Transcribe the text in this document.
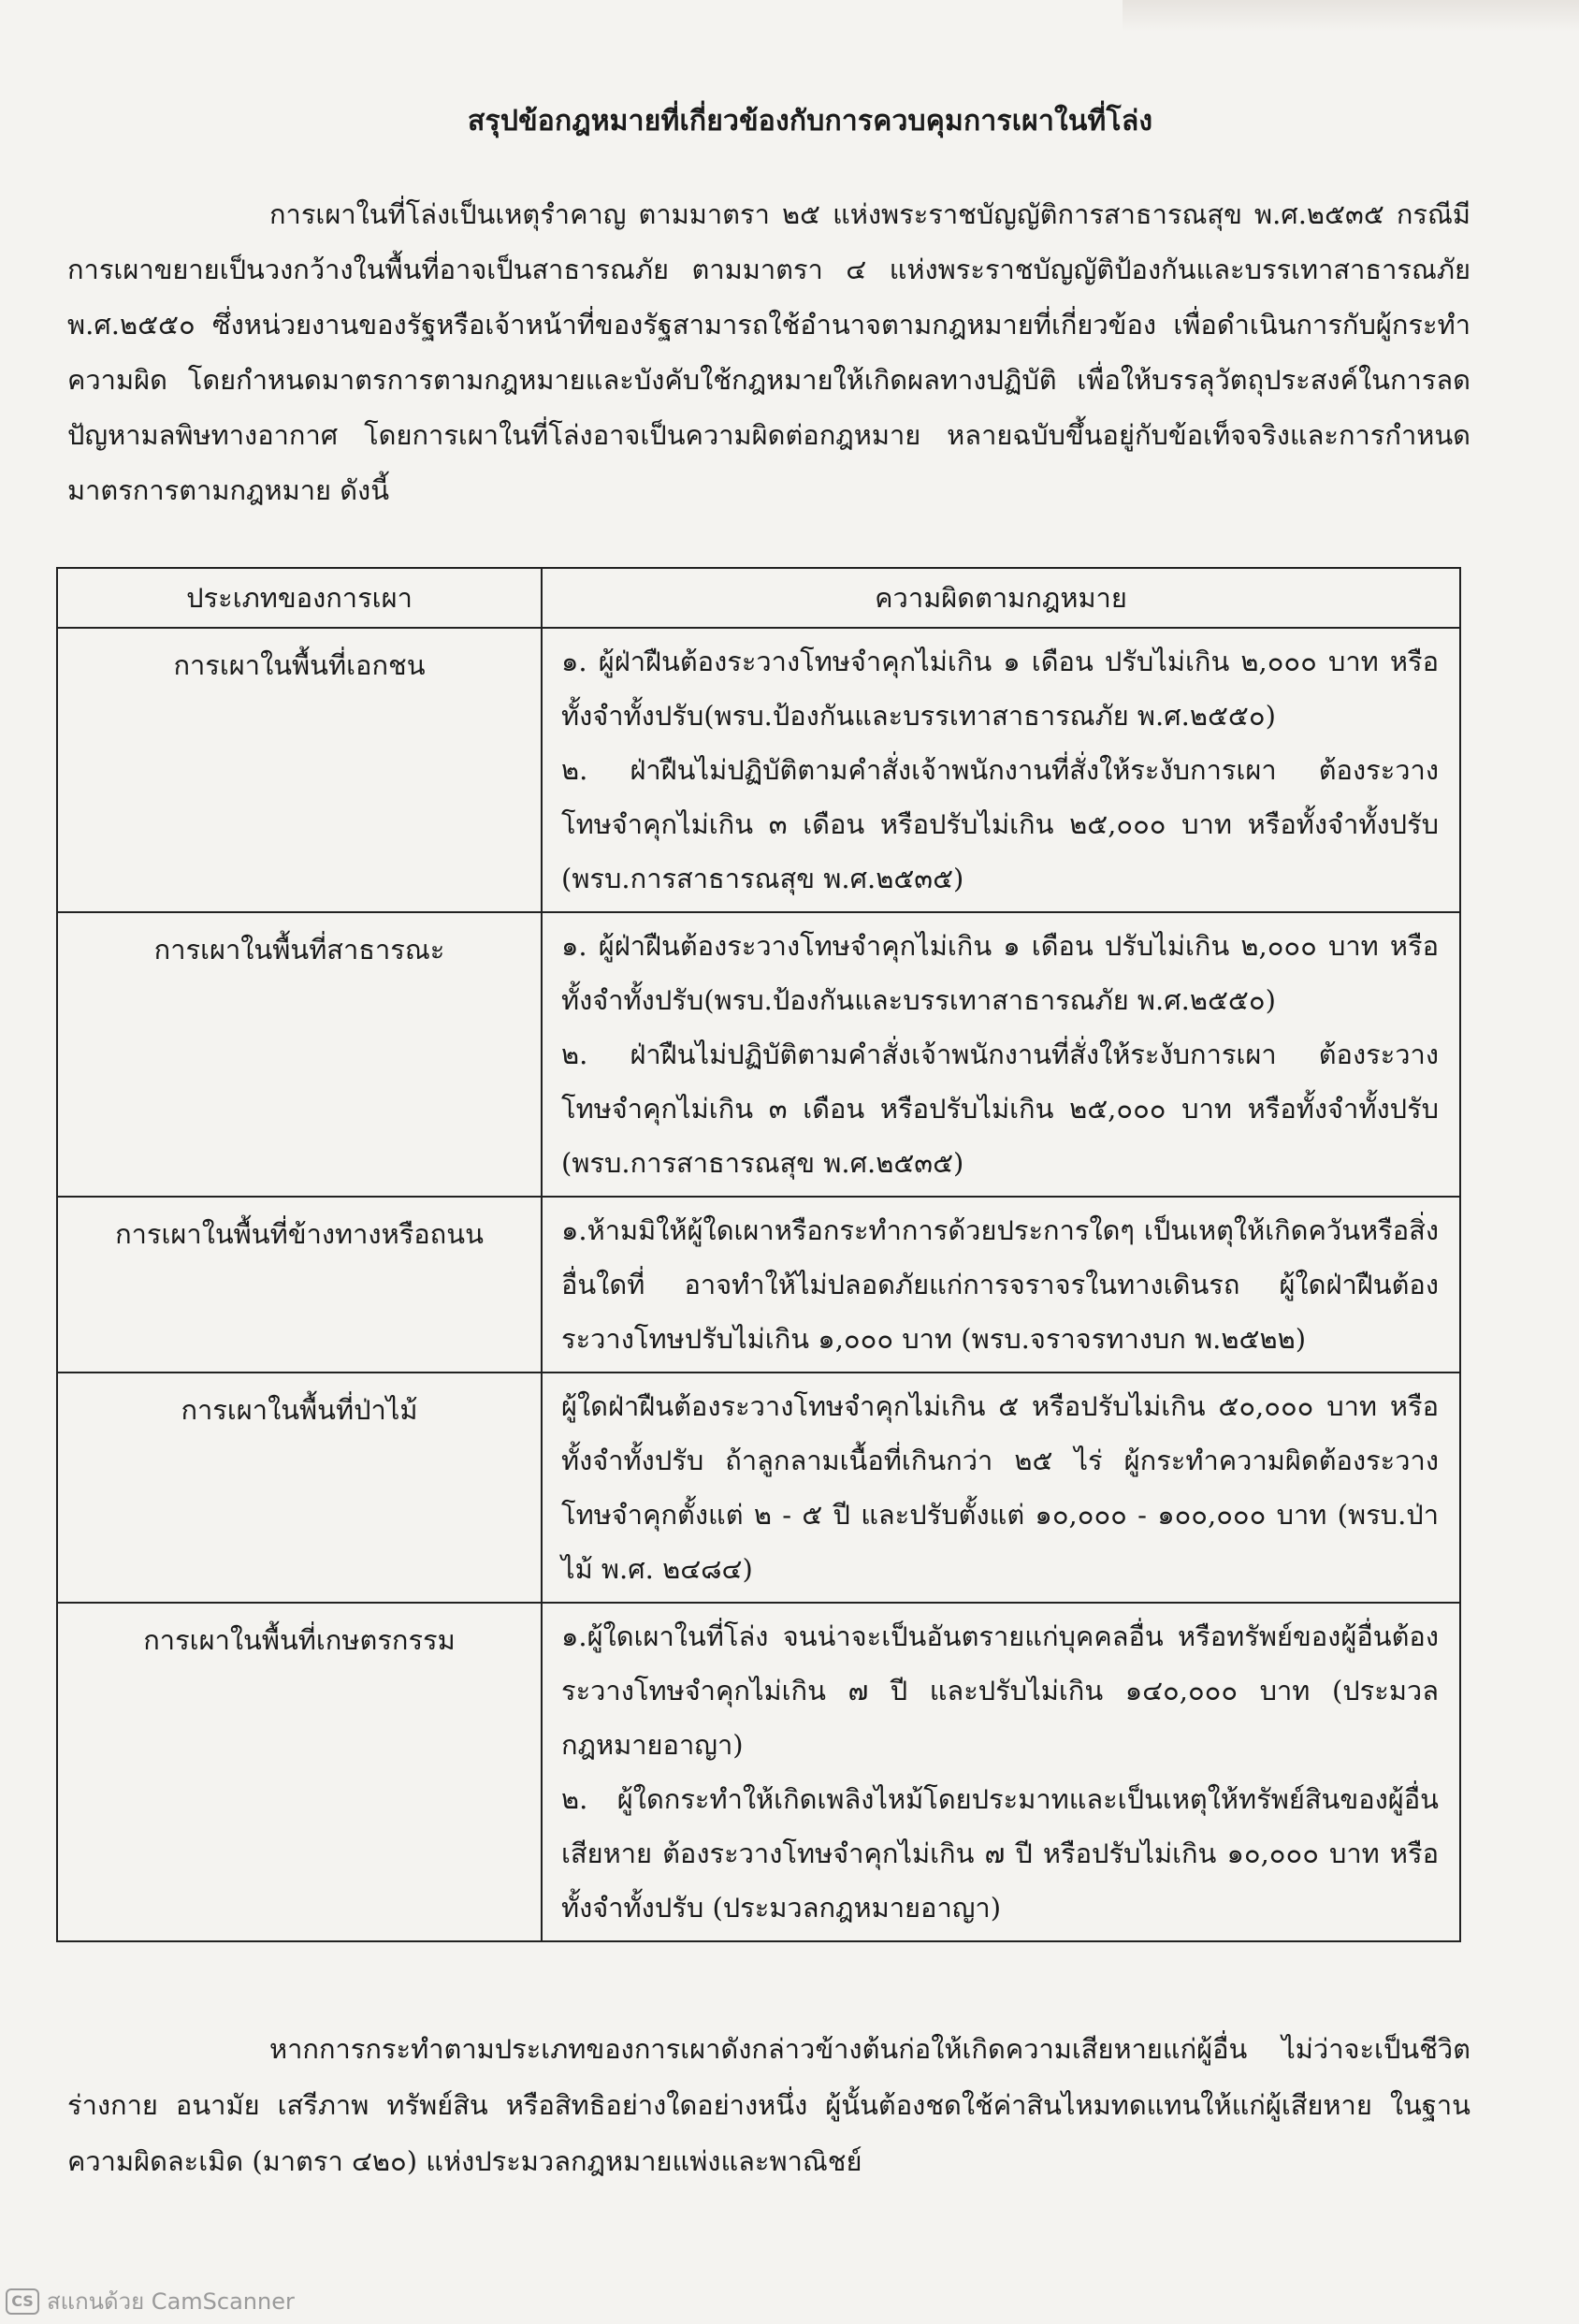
สรุปข้อกฎหมายที่เกี่ยวข้องกับการควบคุมการเผาในที่โล่ง

การเผาในที่โล่งเป็นเหตุรำคาญ ตามมาตรา ๒๕ แห่งพระราชบัญญัติการสาธารณสุข พ.ศ.๒๕๓๕ กรณีมีการเผาขยายเป็นวงกว้างในพื้นที่อาจเป็นสาธารณภัย ตามมาตรา ๔ แห่งพระราชบัญญัติป้องกันและบรรเทาสาธารณภัย พ.ศ.๒๕๕๐ ซึ่งหน่วยงานของรัฐหรือเจ้าหน้าที่ของรัฐสามารถใช้อำนาจตามกฎหมายที่เกี่ยวข้อง เพื่อดำเนินการกับผู้กระทำความผิด โดยกำหนดมาตรการตามกฎหมายและบังคับใช้กฎหมายให้เกิดผลทางปฏิบัติ เพื่อให้บรรลุวัตถุประสงค์ในการลดปัญหามลพิษทางอากาศ โดยการเผาในที่โล่งอาจเป็นความผิดต่อกฎหมาย หลายฉบับขึ้นอยู่กับข้อเท็จจริงและการกำหนดมาตรการตามกฎหมาย ดังนี้

ประเภทของการเผา	ความผิดตามกฎหมาย
การเผาในพื้นที่เอกชน	๑. ผู้ฝ่าฝืนต้องระวางโทษจำคุกไม่เกิน ๑ เดือน ปรับไม่เกิน ๒,๐๐๐ บาท หรือทั้งจำทั้งปรับ(พรบ.ป้องกันและบรรเทาสาธารณภัย พ.ศ.๒๕๕๐)
๒. ฝ่าฝืนไม่ปฏิบัติตามคำสั่งเจ้าพนักงานที่สั่งให้ระงับการเผา ต้องระวางโทษจำคุกไม่เกิน ๓ เดือน หรือปรับไม่เกิน ๒๕,๐๐๐ บาท หรือทั้งจำทั้งปรับ (พรบ.การสาธารณสุข พ.ศ.๒๕๓๕)

การเผาในพื้นที่สาธารณะ	๑. ผู้ฝ่าฝืนต้องระวางโทษจำคุกไม่เกิน ๑ เดือน ปรับไม่เกิน ๒,๐๐๐ บาท หรือทั้งจำทั้งปรับ(พรบ.ป้องกันและบรรเทาสาธารณภัย พ.ศ.๒๕๕๐)
๒. ฝ่าฝืนไม่ปฏิบัติตามคำสั่งเจ้าพนักงานที่สั่งให้ระงับการเผา ต้องระวางโทษจำคุกไม่เกิน ๓ เดือน หรือปรับไม่เกิน ๒๕,๐๐๐ บาท หรือทั้งจำทั้งปรับ (พรบ.การสาธารณสุข พ.ศ.๒๕๓๕)

การเผาในพื้นที่ข้างทางหรือถนน	๑.ห้ามมิให้ผู้ใดเผาหรือกระทำการด้วยประการใดๆ เป็นเหตุให้เกิดควันหรือสิ่งอื่นใดที่ อาจทำให้ไม่ปลอดภัยแก่การจราจรในทางเดินรถ ผู้ใดฝ่าฝืนต้องระวางโทษปรับไม่เกิน ๑,๐๐๐ บาท (พรบ.จราจรทางบก พ.๒๕๒๒)

การเผาในพื้นที่ป่าไม้	ผู้ใดฝ่าฝืนต้องระวางโทษจำคุกไม่เกิน ๕ หรือปรับไม่เกิน ๕๐,๐๐๐ บาท หรือทั้งจำทั้งปรับ ถ้าลูกลามเนื้อที่เกินกว่า ๒๕ ไร่ ผู้กระทำความผิดต้องระวางโทษจำคุกตั้งแต่ ๒ - ๕ ปี และปรับตั้งแต่ ๑๐,๐๐๐ - ๑๐๐,๐๐๐ บาท (พรบ.ป่าไม้ พ.ศ. ๒๔๘๔)

การเผาในพื้นที่เกษตรกรรม	๑.ผู้ใดเผาในที่โล่ง จนน่าจะเป็นอันตรายแก่บุคคลอื่น หรือทรัพย์ของผู้อื่นต้องระวางโทษจำคุกไม่เกิน ๗ ปี และปรับไม่เกิน ๑๔๐,๐๐๐ บาท (ประมวลกฎหมายอาญา)
๒. ผู้ใดกระทำให้เกิดเพลิงไหม้โดยประมาทและเป็นเหตุให้ทรัพย์สินของผู้อื่นเสียหาย ต้องระวางโทษจำคุกไม่เกิน ๗ ปี หรือปรับไม่เกิน ๑๐,๐๐๐ บาท หรือทั้งจำทั้งปรับ (ประมวลกฎหมายอาญา)

หากการกระทำตามประเภทของการเผาดังกล่าวข้างต้นก่อให้เกิดความเสียหายแก่ผู้อื่น ไม่ว่าจะเป็นชีวิตร่างกาย อนามัย เสรีภาพ ทรัพย์สิน หรือสิทธิอย่างใดอย่างหนึ่ง ผู้นั้นต้องชดใช้ค่าสินไหมทดแทนให้แก่ผู้เสียหาย ในฐานความผิดละเมิด (มาตรา ๔๒๐) แห่งประมวลกฎหมายแพ่งและพาณิชย์

CS สแกนด้วย CamScanner
